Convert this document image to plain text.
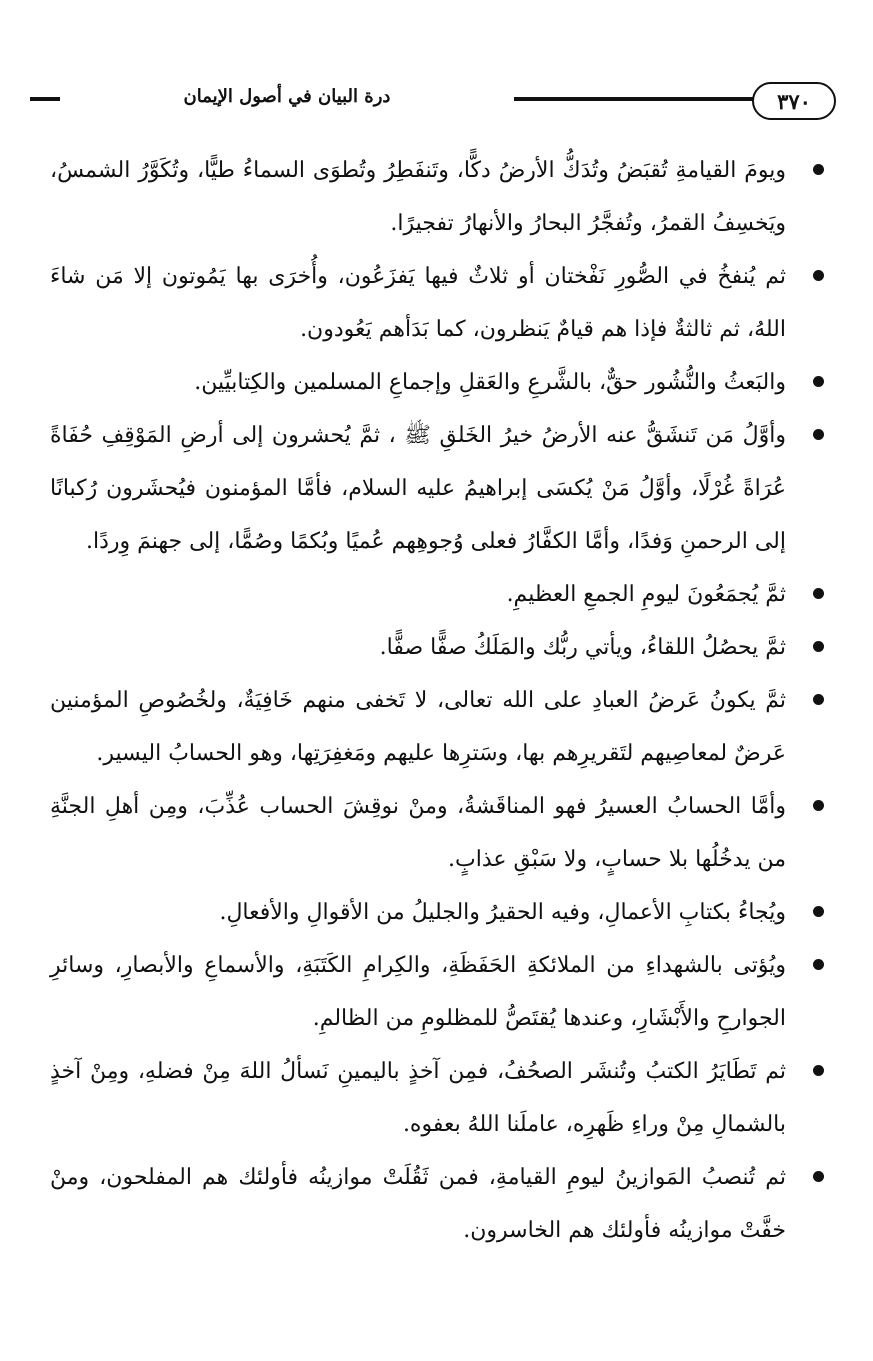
٣٧٠
درة البيان في أصول الإيمان
ويومَ القيامةِ تُقبَضُ وتُدَكُّ الأرضُ دكًّا، وتَنفَطِرُ وتُطوَى السماءُ طيًّا، وتُكَوَّرُ الشمسُ، ويَخسِفُ القمرُ، وتُفجَّرُ البحارُ والأنهارُ تفجيرًا.
ثم يُنفخُ في الصُّورِ نَفْختان أو ثلاثٌ فيها يَفزَعُون، وأُخرَى بها يَمُوتون إلا مَن شاءَ اللهُ، ثم ثالثةٌ فإذا هم قيامٌ يَنظرون، كما بَدَأهم يَعُودون.
والبَعثُ والنُّشُور حقٌّ، بالشَّرعِ والعَقلِ وإجماعِ المسلمين والكِتابيِّين.
وأوَّلُ مَن تَنشَقُّ عنه الأرضُ خيرُ الخَلقِ ﷺ ، ثمَّ يُحشرون إلى أرضِ المَوْقِفِ حُفَاةً عُرَاةً غُرْلًا، وأوَّلُ مَنْ يُكسَى إبراهيمُ عليه السلام، فأمَّا المؤمنون فيُحشَرون رُكبانًا إلى الرحمنِ وَفدًا، وأمَّا الكفَّارُ فعلى وُجوهِهم عُميًا وبُكمًا وصُمًّا، إلى جهنمَ وِردًا.
ثمَّ يُجمَعُونَ ليومِ الجمعِ العظيمِ.
ثمَّ يحصُلُ اللقاءُ، ويأتي ربُّك والمَلَكُ صفًّا صفًّا.
ثمَّ يكونُ عَرضُ العبادِ على الله تعالى، لا تَخفى منهم خَافِيَةٌ، ولخُصُوصِ المؤمنين عَرضٌ لمعاصِيهم لتَقريرِهم بها، وسَترِها عليهم ومَغفِرَتِها، وهو الحسابُ اليسير.
وأمَّا الحسابُ العسيرُ فهو المناقَشةُ، ومنْ نوقِشَ الحساب عُذِّبَ، ومِن أهلِ الجنَّةِ من يدخُلُها بلا حسابٍ، ولا سَبْقِ عذابٍ.
ويُجاءُ بكتابِ الأعمالِ، وفيه الحقيرُ والجليلُ من الأقوالِ والأفعالِ.
ويُؤتى بالشهداءِ من الملائكةِ الحَفَظَةِ، والكِرامِ الكَتَبَةِ، والأسماعِ والأبصارِ، وسائرِ الجوارحِ والأَبْشَارِ، وعندها يُقتَصُّ للمظلومِ من الظالمِ.
ثم تَطَايَرُ الكتبُ وتُنشَر الصحُفُ، فمِن آخذٍ باليمينِ نَسألُ اللهَ مِنْ فضلهِ، ومِنْ آخذٍ بالشمالِ مِنْ وراءِ ظَهرِه، عاملَنا اللهُ بعفوه.
ثم تُنصبُ المَوازينُ ليومِ القيامةِ، فمن ثَقُلَتْ موازينُه فأولئك هم المفلحون، ومنْ خفَّتْ موازينُه فأولئك هم الخاسرون.
